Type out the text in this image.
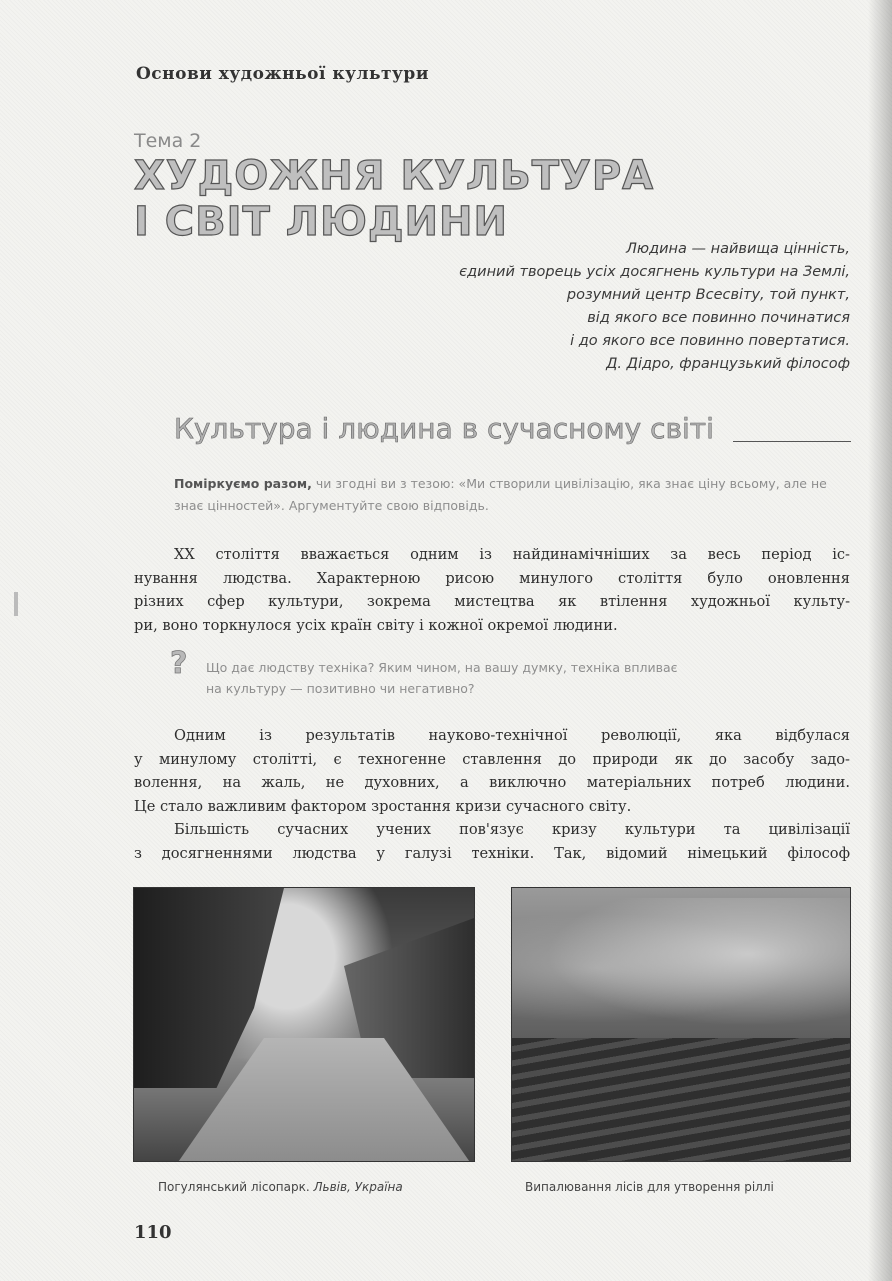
Основи художньої культури
Тема 2
ХУДОЖНЯ КУЛЬТУРА
І СВІТ ЛЮДИНИ
Людина — найвища цінність,
єдиний творець усіх досягнень культури на Землі,
розумний центр Всесвіту, той пункт,
від якого все повинно починатися
і до якого все повинно повертатися.
Д. Дідро, французький філософ
Культура і людина в сучасному світі
Поміркуємо разом, чи згодні ви з тезою: «Ми створили цивілізацію, яка знає ціну всьому, але не знає цінностей». Аргументуйте свою відповідь.
ХХ століття вважається одним із найдинамічніших за весь період іс-
нування людства. Характерною рисою минулого століття було оновлення
різних сфер культури, зокрема мистецтва як втілення художньої культу-
ри, воно торкнулося усіх країн світу і кожної окремої людини.
? Що дає людству техніка? Яким чином, на вашу думку, техніка впливає
на культуру — позитивно чи негативно?
Одним із результатів науково-технічної революції, яка відбулася
у минулому столітті, є техногенне ставлення до природи як до засобу задо-
волення, на жаль, не духовних, а виключно матеріальних потреб людини.
Це стало важливим фактором зростання кризи сучасного світу.
Більшість сучасних учених пов'язує кризу культури та цивілізації
з досягненнями людства у галузі техніки. Так, відомий німецький філософ
Погулянський лісопарк. Львів, Україна	Випалювання лісів для утворення ріллі
110
